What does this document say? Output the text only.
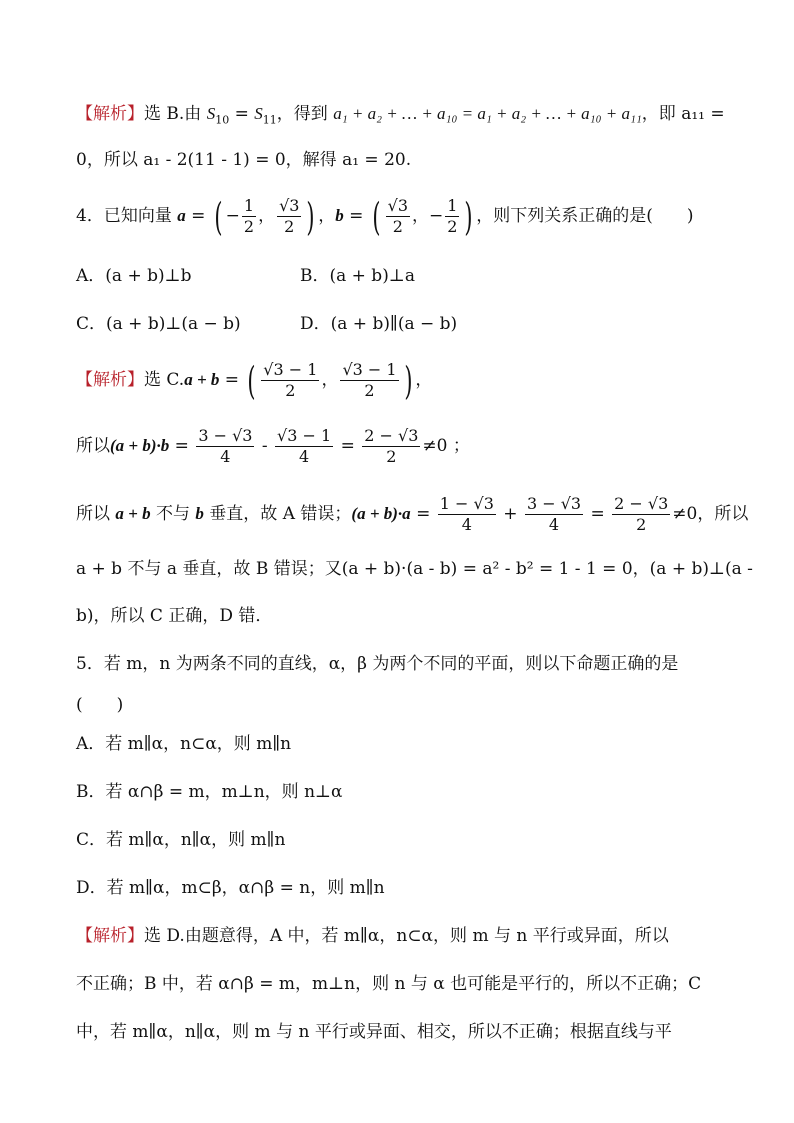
【解析】选 B.由 $S_{10} = S_{11}$，得到 a₁ + a₂ + … + a₁₀ = a₁ + a₂ + … + a₁₀ + a₁₁，即 a₁₁ =
0，所以 a₁ - 2(11 - 1) = 0，解得 a₁ = 20.
4．已知向量 a = ( − $\frac{1}{2}$ ， $\frac{√3}{2}$ ) ，b = ( $\frac{√3}{2}$ ，− $\frac{1}{2}$ ) ，则下列关系正确的是(　　)
A．(a + b)⊥b	B．(a + b)⊥a
C．(a + b)⊥(a − b)	D．(a + b)∥(a − b)
【解析】选 C.a + b = ( $\frac{√3 - 1}{2}$ ， $\frac{√3 - 1}{2}$ ) ，
所以$(a + b)\cdot b = \frac{3 - √3}{4} - \frac{√3 - 1}{4} = \frac{2 - √3}{2} \ne 0$ ；
所以 a + b 不与 b 垂直，故 A 错误；$(a + b)\cdot a = \frac{1 - √3}{4} + \frac{3 - √3}{4} = \frac{2 - √3}{2} \ne 0$，所以
a + b 不与 a 垂直，故 B 错误；又(a + b)·(a - b) = a² - b² = 1 - 1 = 0，(a + b)⊥(a -
b)，所以 C 正确，D 错．
5．若 m，n 为两条不同的直线，α，β 为两个不同的平面，则以下命题正确的是
(　　)
A．若 m∥α，n⊂α，则 m∥n
B．若 α∩β = m，m⊥n，则 n⊥α
C．若 m∥α，n∥α，则 m∥n
D．若 m∥α，m⊂β，α∩β = n，则 m∥n
【解析】选 D.由题意得，A 中，若 m∥α，n⊂α，则 m 与 n 平行或异面，所以
不正确；B 中，若 α∩β = m，m⊥n，则 n 与 α 也可能是平行的，所以不正确；C
中，若 m∥α，n∥α，则 m 与 n 平行或异面、相交，所以不正确；根据直线与平
